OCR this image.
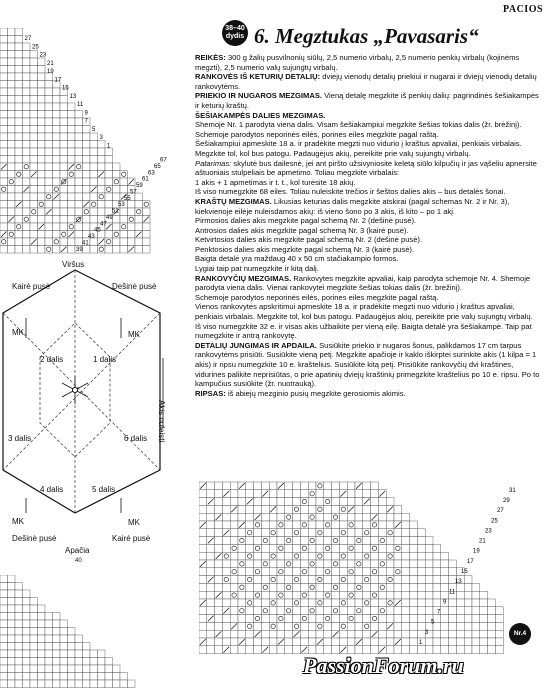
PACIOS
38–40 dydis 6. Megztukas „Pavasaris“

REIKĖS: 300 g žalių pusvilnonių siūlų, 2,5 numerio virbalų, 2,5 numerio penkių virbalų (kojinėms megzti), 2,5 numerio valų sujungtų virbalų.

RANKOVĖS IŠ KETURIŲ DETALIŲ: dviejų vienodų detalių priekiui ir nugarai ir dviejų vienodų detalių rankovytėms.

PRIEKIO IR NUGAROS MEZGIMAS. Vieną detalę megzkite iš penkių dalių: pagrindinės šešiakampės ir keturių kraštų.

ŠEŠIAKAMPĖS DALIES MEZGIMAS.

Shemoje Nr. 1 parodyta viena dalis. Visam šešiakampiui megzkite šešias tokias dalis (žr. brėžinį).

Schemoje parodytos neporinės eilės, porines eiles megzkite pagal raštą.

Šešiakampiui apmeskite 18 a. ir pradėkite megzti nuo vidurio į kraštus apvaliai, penkiais virbalais. Megzkite tol, kol bus patogu. Padaugėjus akių, pereikite prie valų sujungtų virbalų.

Patarimas: skylutė bus dailesnė, jei ant piršto užsivyniosite keletą siūlo kilpučių ir jas vąšeliu apnersite aštuoniais stulpeliais be apmetimo. Toliau megzkite virbalais:

1 akis + 1 apmetimas ir t. t., kol turėsite 18 akių.

Iš viso numegzkite 68 eiles. Toliau nuleiskite trečios ir šeštos dalies akis – bus detalės šonai.

KRAŠTŲ MEZGIMAS. Likusias keturias dalis megzkite atskirai (pagal schemas Nr. 2 ir Nr. 3), kiekvienoje eilėje nuleisdamos akių: iš vieno šono po 3 akis, iš kito – po 1 akį.

Pirmosios dalies akis megzkite pagal schemą Nr. 2 (dešinė pusė).

Antrosios dalies akis megzkite pagal schemą Nr. 3 (kairė pusė).

Ketvirtosios dalies akis megzkite pagal schemą Nr. 2 (dešinė pusė).

Penktosios dalies akis megzkite pagal schemą Nr. 3 (kairė pusė).

Baigta detalė yra maždaug 40 x 50 cm stačiakampio formos.

Lygiai taip pat numegzkite ir kitą dalį.

RANKOVYČIŲ MEZGIMAS. Rankovytes megzkite apvaliai, kaip parodyta schemoje Nr. 4. Shemoje parodyta viena dalis. Vienai rankovytei megzkite šešias tokias dalis (žr. brėžinį).

Schemoje parodytos neporinės eilės, porines eiles megzkite pagal raštą.

Vienos rankovytės apskritimui apmeskite 18 a. ir pradėkite megzti nuo vidurio į kraštus apvaliai, penkiais virbalais. Megzkite tol, kol bus patogu. Padaugėjus akių, pereikite prie valų sujungtų virbalų.

Iš viso numegzkite 32 e. ir visas akis užbaikite per vieną eilę. Baigta detalė yra šešiakampė. Taip pat numegzkite ir antrą rankovytę.

DETALIŲ JUNGIMAS IR APDAILA. Susiūkite priekio ir nugaros šonus, palikdamos 17 cm tarpus rankovytėms prisiūti. Susiūkite vieną petį. Megzkite apačioje ir kaklo iškirptei surinkite akis (1 kilpa = 1 akis) ir ripsu numegzkite 10 e. kraštelius. Susiūkite kitą petį. Prisiūkite rankovyčių dvi kraštines, vidurines palikite neprisiūtas, o prie apatinių dviejų kraštinių primegzkite kraštelius po 10 e. ripsu. Po to kampučius susiūkite (žr. nuotrauką).

RIPSAS: iš abiejų mezginio pusių megzkite gerosiomis akimis.

27
25
23
21
19
17
15
13
11
9
7
5
3
1
67
65
63
61
59
57
55
53
51
49
47
45
43
41
39
Viršus
Kairė pusė	Dešinė pusė
MK	MK
2 dalis	1 dalis
3 dalis	6 dalis
4 dalis	5 dalis
MK	MK
Dešinė pusė	Kairė pusė
Apačia
40
Akis nuleisti
31
29
27
25
23
21
19
17
15
13
11
9
7
5
3
1
Nr.4
PassionForum.ru
